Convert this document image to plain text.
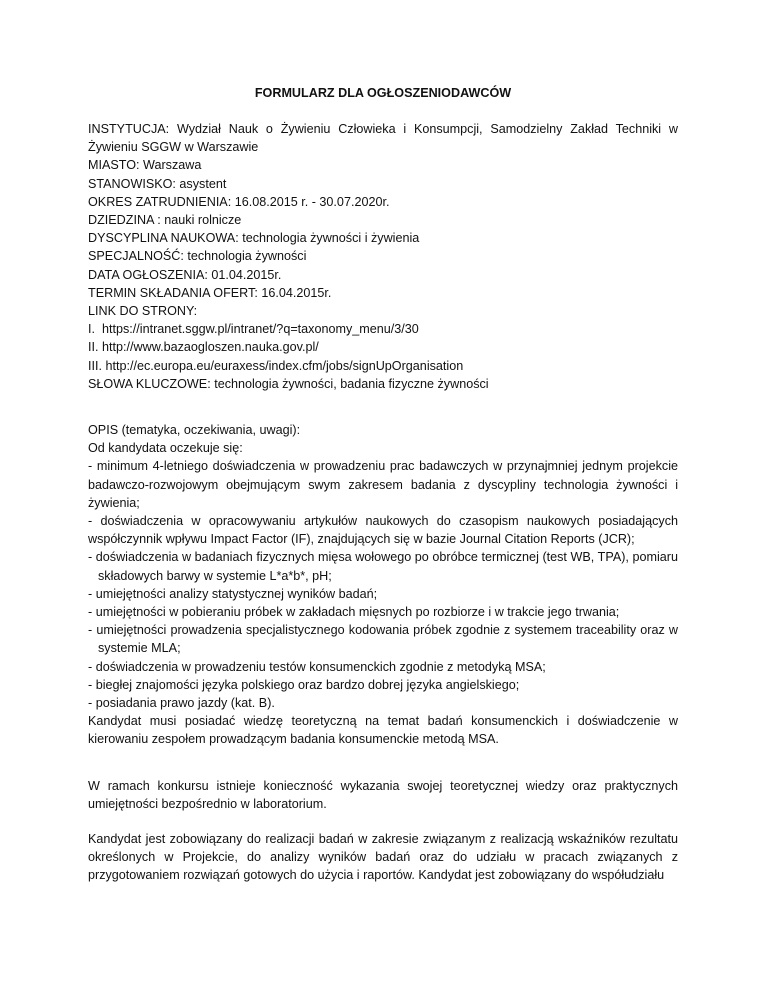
FORMULARZ DLA OGŁOSZENIODAWCÓW

INSTYTUCJA: Wydział Nauk o Żywieniu Człowieka i Konsumpcji, Samodzielny Zakład Techniki w Żywieniu SGGW w Warszawie

MIASTO: Warszawa

STANOWISKO: asystent

OKRES ZATRUDNIENIA: 16.08.2015 r. - 30.07.2020r.

DZIEDZINA : nauki rolnicze

DYSCYPLINA NAUKOWA: technologia żywności i żywienia

SPECJALNOŚĆ: technologia żywności

DATA OGŁOSZENIA: 01.04.2015r.

TERMIN SKŁADANIA OFERT: 16.04.2015r.

LINK DO STRONY:

I.  https://intranet.sggw.pl/intranet/?q=taxonomy_menu/3/30

II. http://www.bazaogloszen.nauka.gov.pl/

III. http://ec.europa.eu/euraxess/index.cfm/jobs/signUpOrganisation

SŁOWA KLUCZOWE: technologia żywności, badania fizyczne żywności

OPIS (tematyka, oczekiwania, uwagi):

Od kandydata oczekuje się:

- minimum 4-letniego doświadczenia w prowadzeniu prac badawczych w przynajmniej jednym projekcie badawczo-rozwojowym obejmującym swym zakresem badania z dyscypliny technologia żywności i żywienia;

- doświadczenia w opracowywaniu artykułów naukowych do czasopism naukowych posiadających współczynnik wpływu Impact Factor (IF), znajdujących się w bazie Journal Citation Reports (JCR);

- doświadczenia w badaniach fizycznych mięsa wołowego po obróbce termicznej (test WB, TPA), pomiaru składowych barwy w systemie L*a*b*, pH;

- umiejętności analizy statystycznej wyników badań;

- umiejętności w pobieraniu próbek w zakładach mięsnych po rozbiorze i w trakcie jego trwania;

- umiejętności prowadzenia specjalistycznego kodowania próbek zgodnie z systemem traceability oraz w systemie MLA;

- doświadczenia w prowadzeniu testów konsumenckich zgodnie z metodyką MSA;

- biegłej znajomości języka polskiego oraz bardzo dobrej języka angielskiego;

- posiadania prawo jazdy (kat. B).

Kandydat musi posiadać wiedzę teoretyczną na temat badań konsumenckich i doświadczenie w kierowaniu zespołem prowadzącym badania konsumenckie metodą MSA.

W ramach konkursu istnieje konieczność wykazania swojej teoretycznej wiedzy oraz praktycznych umiejętności bezpośrednio w laboratorium.

Kandydat jest zobowiązany do realizacji badań w zakresie związanym z realizacją wskaźników rezultatu określonych w Projekcie, do analizy wyników badań oraz do udziału w pracach związanych z przygotowaniem rozwiązań gotowych do użycia i raportów. Kandydat jest zobowiązany do współudziału
